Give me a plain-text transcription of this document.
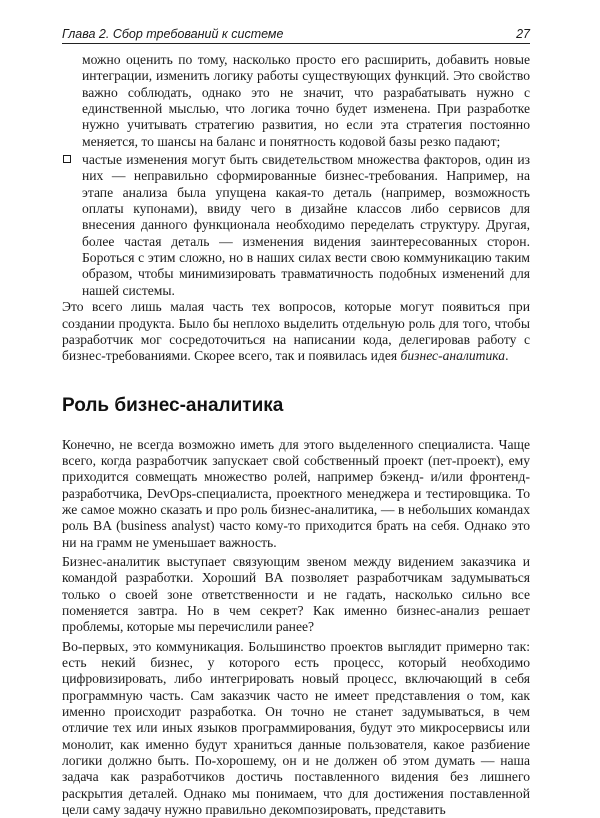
Глава 2. Сбор требований к системе	27

можно оценить по тому, насколько просто его расширить, добавить новые интеграции, изменить логику работы существующих функций. Это свойство важно соблюдать, однако это не значит, что разрабатывать нужно с единственной мыслью, что логика точно будет изменена. При разработке нужно учитывать стратегию развития, но если эта стратегия постоянно меняется, то шансы на баланс и понятность кодовой базы резко падают;

частые изменения могут быть свидетельством множества факторов, один из них — неправильно сформированные бизнес-требования. Например, на этапе анализа была упущена какая-то деталь (например, возможность оплаты купонами), ввиду чего в дизайне классов либо сервисов для внесения данного функционала необходимо переделать структуру. Другая, более частая деталь — изменения видения заинтересованных сторон. Бороться с этим сложно, но в наших силах вести свою коммуникацию таким образом, чтобы минимизировать травматичность подобных изменений для нашей системы.

Это всего лишь малая часть тех вопросов, которые могут появиться при создании продукта. Было бы неплохо выделить отдельную роль для того, чтобы разработчик мог сосредоточиться на написании кода, делегировав работу с бизнес-требованиями. Скорее всего, так и появилась идея бизнес-аналитика.

Роль бизнес-аналитика

Конечно, не всегда возможно иметь для этого выделенного специалиста. Чаще всего, когда разработчик запускает свой собственный проект (пет-проект), ему приходится совмещать множество ролей, например бэкенд- и/или фронтенд-разработчика, DevOps-специалиста, проектного менеджера и тестировщика. То же самое можно сказать и про роль бизнес-аналитика, — в небольших командах роль BA (business analyst) часто кому-то приходится брать на себя. Однако это ни на грамм не уменьшает важность.

Бизнес-аналитик выступает связующим звеном между видением заказчика и командой разработки. Хороший BA позволяет разработчикам задумываться только о своей зоне ответственности и не гадать, насколько сильно все поменяется завтра. Но в чем секрет? Как именно бизнес-анализ решает проблемы, которые мы перечислили ранее?

Во-первых, это коммуникация. Большинство проектов выглядит примерно так: есть некий бизнес, у которого есть процесс, который необходимо цифровизировать, либо интегрировать новый процесс, включающий в себя программную часть. Сам заказчик часто не имеет представления о том, как именно происходит разработка. Он точно не станет задумываться, в чем отличие тех или иных языков программирования, будут это микросервисы или монолит, как именно будут храниться данные пользователя, какое разбиение логики должно быть. По-хорошему, он и не должен об этом думать — наша задача как разработчиков достичь поставленного видения без лишнего раскрытия деталей. Однако мы понимаем, что для достижения поставленной цели саму задачу нужно правильно декомпозировать, представить
